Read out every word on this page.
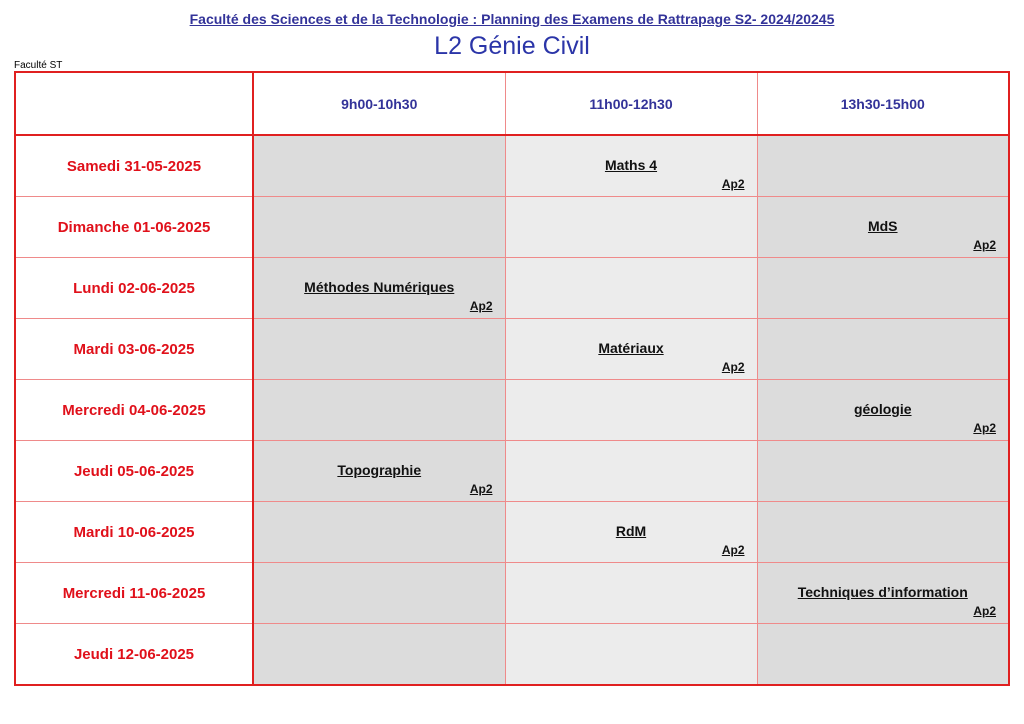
Faculté des Sciences et de la Technologie : Planning des Examens de Rattrapage S2- 2024/20245
L2 Génie Civil
Faculté ST
	9h00-10h30	11h00-12h30	13h30-15h00
Samedi 31-05-2025		Maths 4
Ap2	

Dimanche 01-06-2025			MdS
Ap2

Lundi 02-06-2025	Méthodes Numériques
Ap2		

Mardi 03-06-2025		Matériaux
Ap2	

Mercredi 04-06-2025			géologie
Ap2

Jeudi 05-06-2025	Topographie
Ap2		

Mardi 10-06-2025		RdM
Ap2	

Mercredi 11-06-2025			Techniques d’information
Ap2

Jeudi 12-06-2025			
